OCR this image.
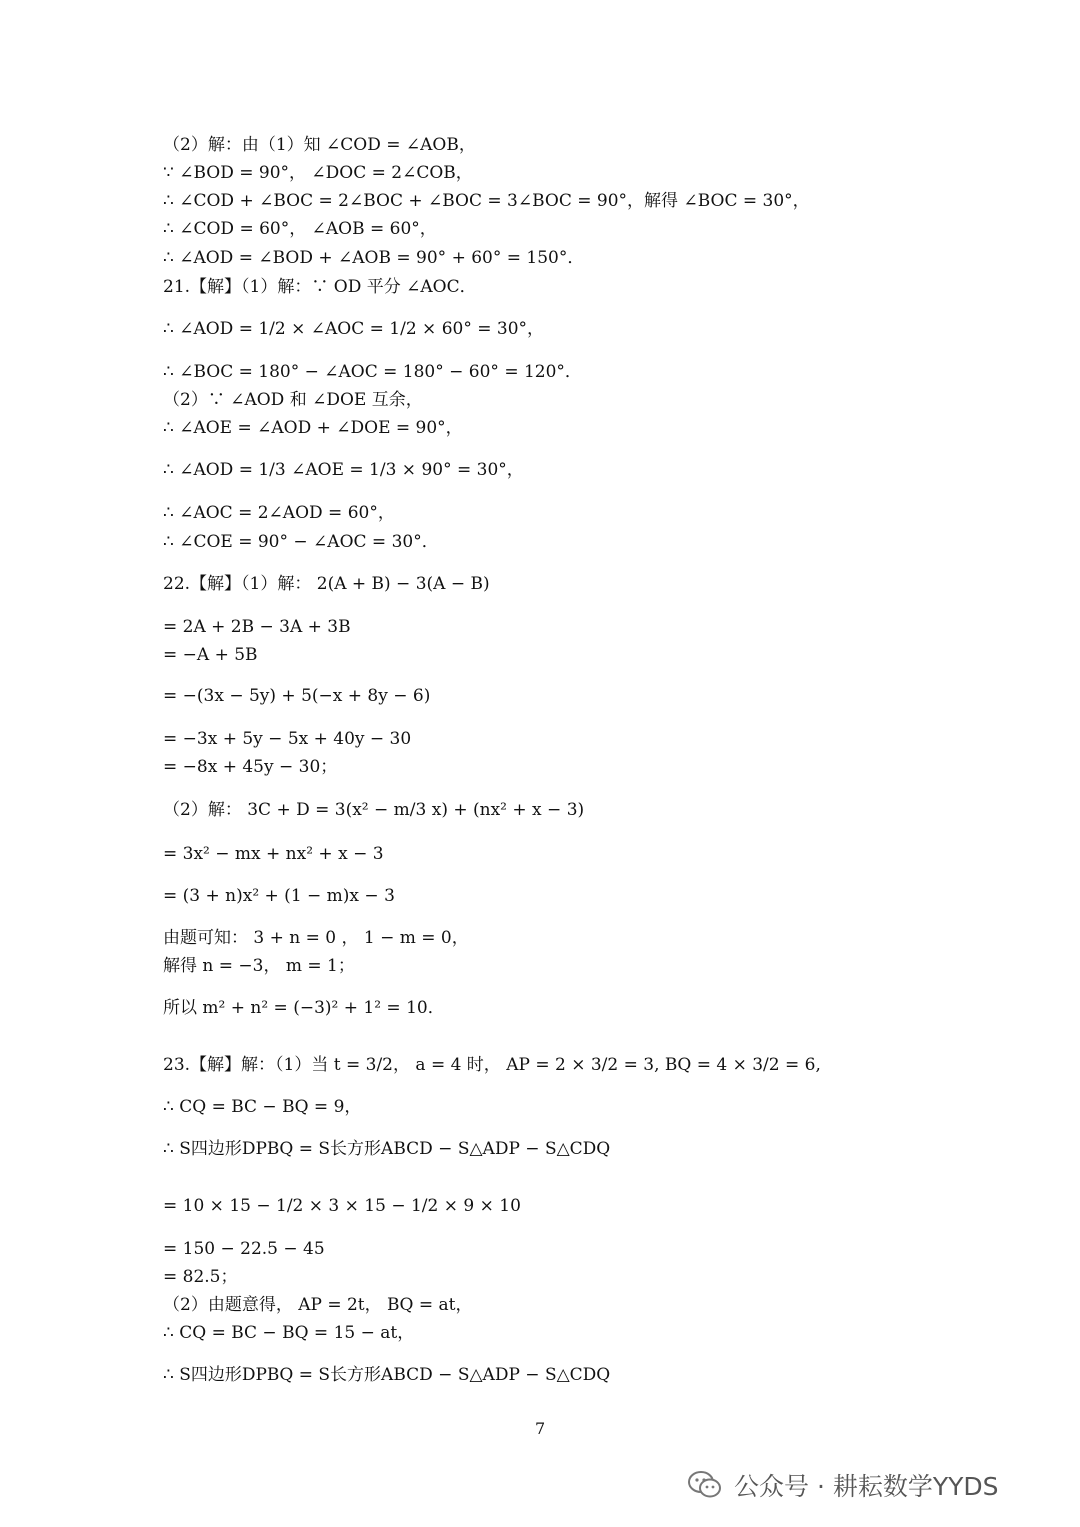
（2）解：由（1）知 ∠COD = ∠AOB，
∵ ∠BOD = 90°， ∠DOC = 2∠COB，
∴ ∠COD + ∠BOC = 2∠BOC + ∠BOC = 3∠BOC = 90°，解得 ∠BOC = 30°，
∴ ∠COD = 60°， ∠AOB = 60°，
∴ ∠AOD = ∠BOD + ∠AOB = 90° + 60° = 150°．
21.【解】（1）解：∵ OD 平分 ∠AOC．
∴ ∠AOD = 1/2 × ∠AOC = 1/2 × 60° = 30°，
∴ ∠BOC = 180° − ∠AOC = 180° − 60° = 120°．
（2）∵ ∠AOD 和 ∠DOE 互余，
∴ ∠AOE = ∠AOD + ∠DOE = 90°，
∴ ∠AOD = 1/3 ∠AOE = 1/3 × 90° = 30°，
∴ ∠AOC = 2∠AOD = 60°，
∴ ∠COE = 90° − ∠AOC = 30°．
22.【解】（1）解： 2(A + B) − 3(A − B)
= 2A + 2B − 3A + 3B
= −A + 5B
= −(3x − 5y) + 5(−x + 8y − 6)
= −3x + 5y − 5x + 40y − 30
= −8x + 45y − 30；
（2）解： 3C + D = 3(x² − m/3 x) + (nx² + x − 3)
= 3x² − mx + nx² + x − 3
= (3 + n)x² + (1 − m)x − 3
由题可知： 3 + n = 0 ， 1 − m = 0，
解得 n = −3， m = 1；
所以 m² + n² = (−3)² + 1² = 10．
23.【解】解：（1）当 t = 3/2， a = 4 时， AP = 2 × 3/2 = 3, BQ = 4 × 3/2 = 6,
∴ CQ = BC − BQ = 9，
∴ S四边形DPBQ = S长方形ABCD − S△ADP − S△CDQ
= 10 × 15 − 1/2 × 3 × 15 − 1/2 × 9 × 10
= 150 − 22.5 − 45
= 82.5；
（2）由题意得， AP = 2t， BQ = at，
∴ CQ = BC − BQ = 15 − at，
∴ S四边形DPBQ = S长方形ABCD − S△ADP − S△CDQ
7
公众号 · 耕耘数学YYDS
